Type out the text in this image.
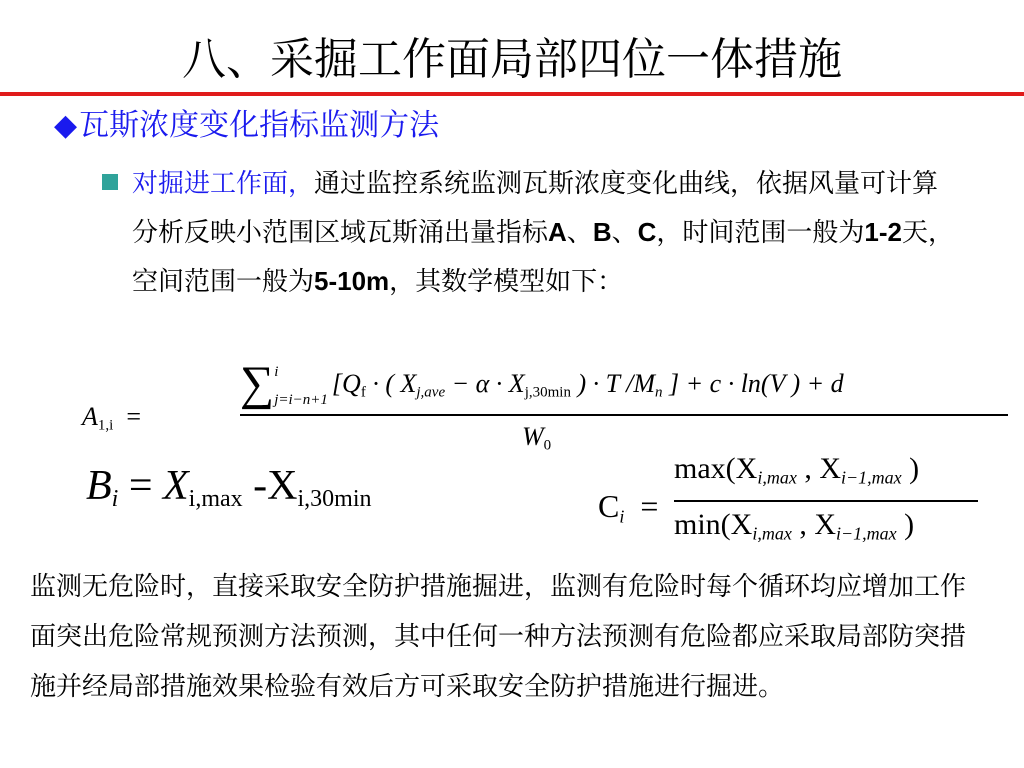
八、采掘工作面局部四位一体措施
◆瓦斯浓度变化指标监测方法
对掘进工作面，通过监控系统监测瓦斯浓度变化曲线，依据风量可计算分析反映小范围区域瓦斯涌出量指标A、B、C，时间范围一般为1-2天，空间范围一般为5-10m，其数学模型如下：
$A_{1,i}$ =
∑ i
j=i−n+1
[$Q_f$ · ( $X_{j,ave} - \alpha \cdot X_{j,30min}$ ) · T $/M_n$ ] + c · ln(V ) + d
$W_0$
$B_i = X_{i,max}$ $-X_{i,30min}$	$C_i$ =
$\max(X_{i,max}$ , $X_{i-1,max}$ )
$\min(X_{i,max}$ , $X_{i-1,max}$ )
监测无危险时，直接采取安全防护措施掘进，监测有危险时每个循环均应增加工作面突出危险常规预测方法预测，其中任何一种方法预测有危险都应采取局部防突措施并经局部措施效果检验有效后方可采取安全防护措施进行掘进。
